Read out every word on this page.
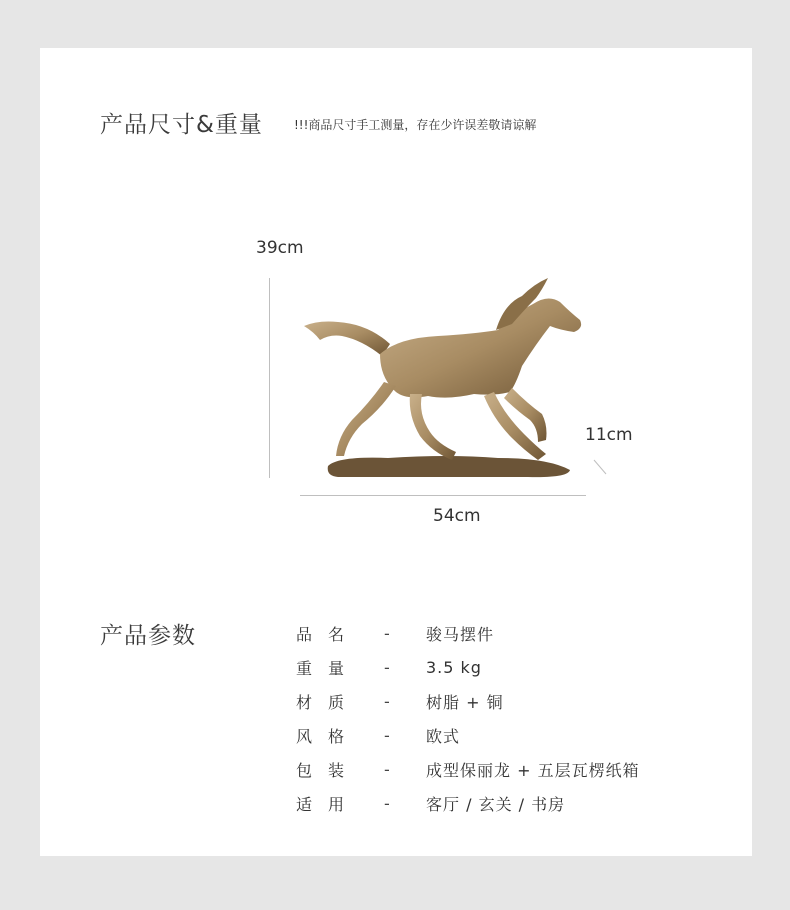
产品尺寸&重量	!!!商品尺寸手工测量，存在少许误差敬请谅解
39cm
11cm
54cm
产品参数	品名	-	骏马摆件
重量	-	3.5 kg
材质	-	树脂 + 铜
风格	-	欧式
包装	-	成型保丽龙 + 五层瓦楞纸箱
适用	-	客厅 / 玄关 / 书房
